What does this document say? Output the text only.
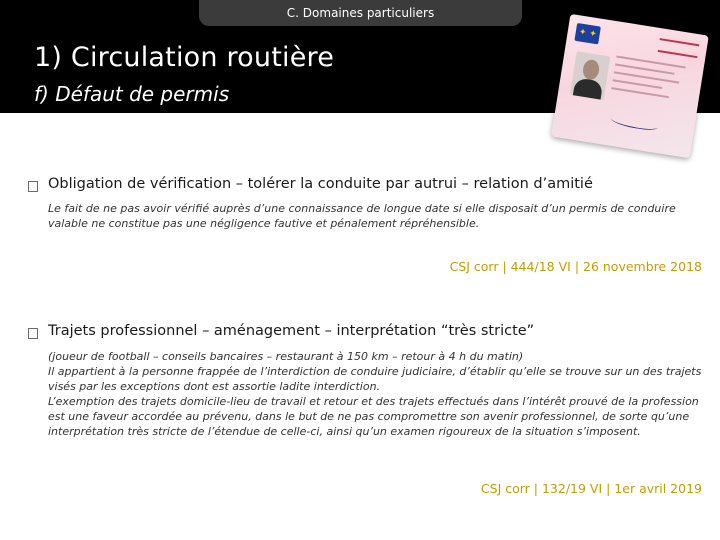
C. Domaines particuliers
1) Circulation routière
f) Défaut de permis
✦ ✦
Obligation de vérification – tolérer la conduite par autrui – relation d’amitié
Le fait de ne pas avoir vérifié auprès d’une connaissance de longue date si elle disposait d’un permis de conduire
valable ne constitue pas une négligence fautive et pénalement répréhensible.
CSJ corr | 444/18 VI | 26 novembre 2018
Trajets professionnel – aménagement – interprétation “très stricte”
(joueur de football – conseils bancaires – restaurant à 150 km – retour à 4 h du matin)
Il appartient à la personne frappée de l’interdiction de conduire judiciaire, d’établir qu’elle se trouve sur un des trajets
visés par les exceptions dont est assortie ladite interdiction.
L’exemption des trajets domicile-lieu de travail et retour et des trajets effectués dans l’intérêt prouvé de la profession
est une faveur accordée au prévenu, dans le but de ne pas compromettre son avenir professionnel, de sorte qu’une
interprétation très stricte de l’étendue de celle-ci, ainsi qu’un examen rigoureux de la situation s’imposent.
CSJ corr | 132/19 VI | 1er avril 2019
